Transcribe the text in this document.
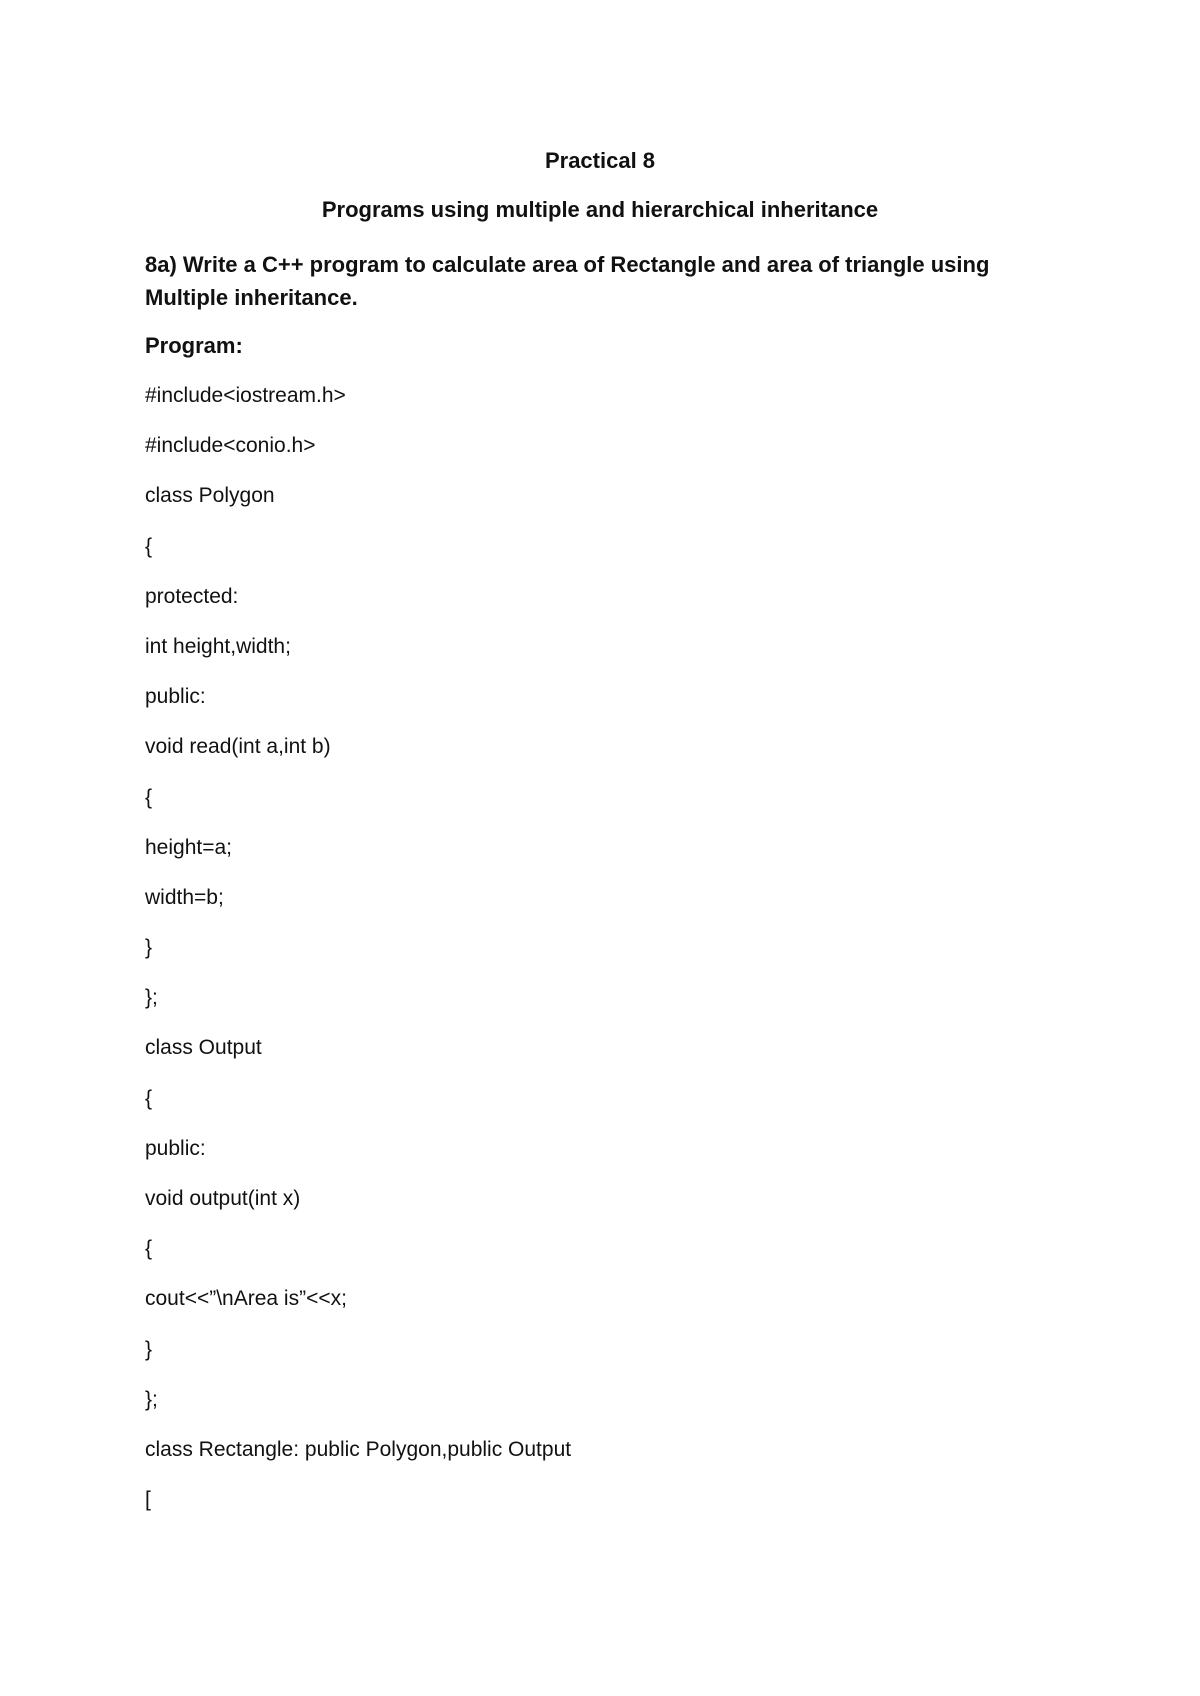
Practical 8
Programs using multiple and hierarchical inheritance
8a) Write a C++ program to calculate area of Rectangle and area of triangle using Multiple inheritance.
Program:
#include<iostream.h>
#include<conio.h>
class Polygon
{
protected:
int height,width;
public:
void read(int a,int b)
{
height=a;
width=b;
}
};
class Output
{
public:
void output(int x)
{
cout<<”\nArea is”<<x;
}
};
class Rectangle: public Polygon,public Output
[
